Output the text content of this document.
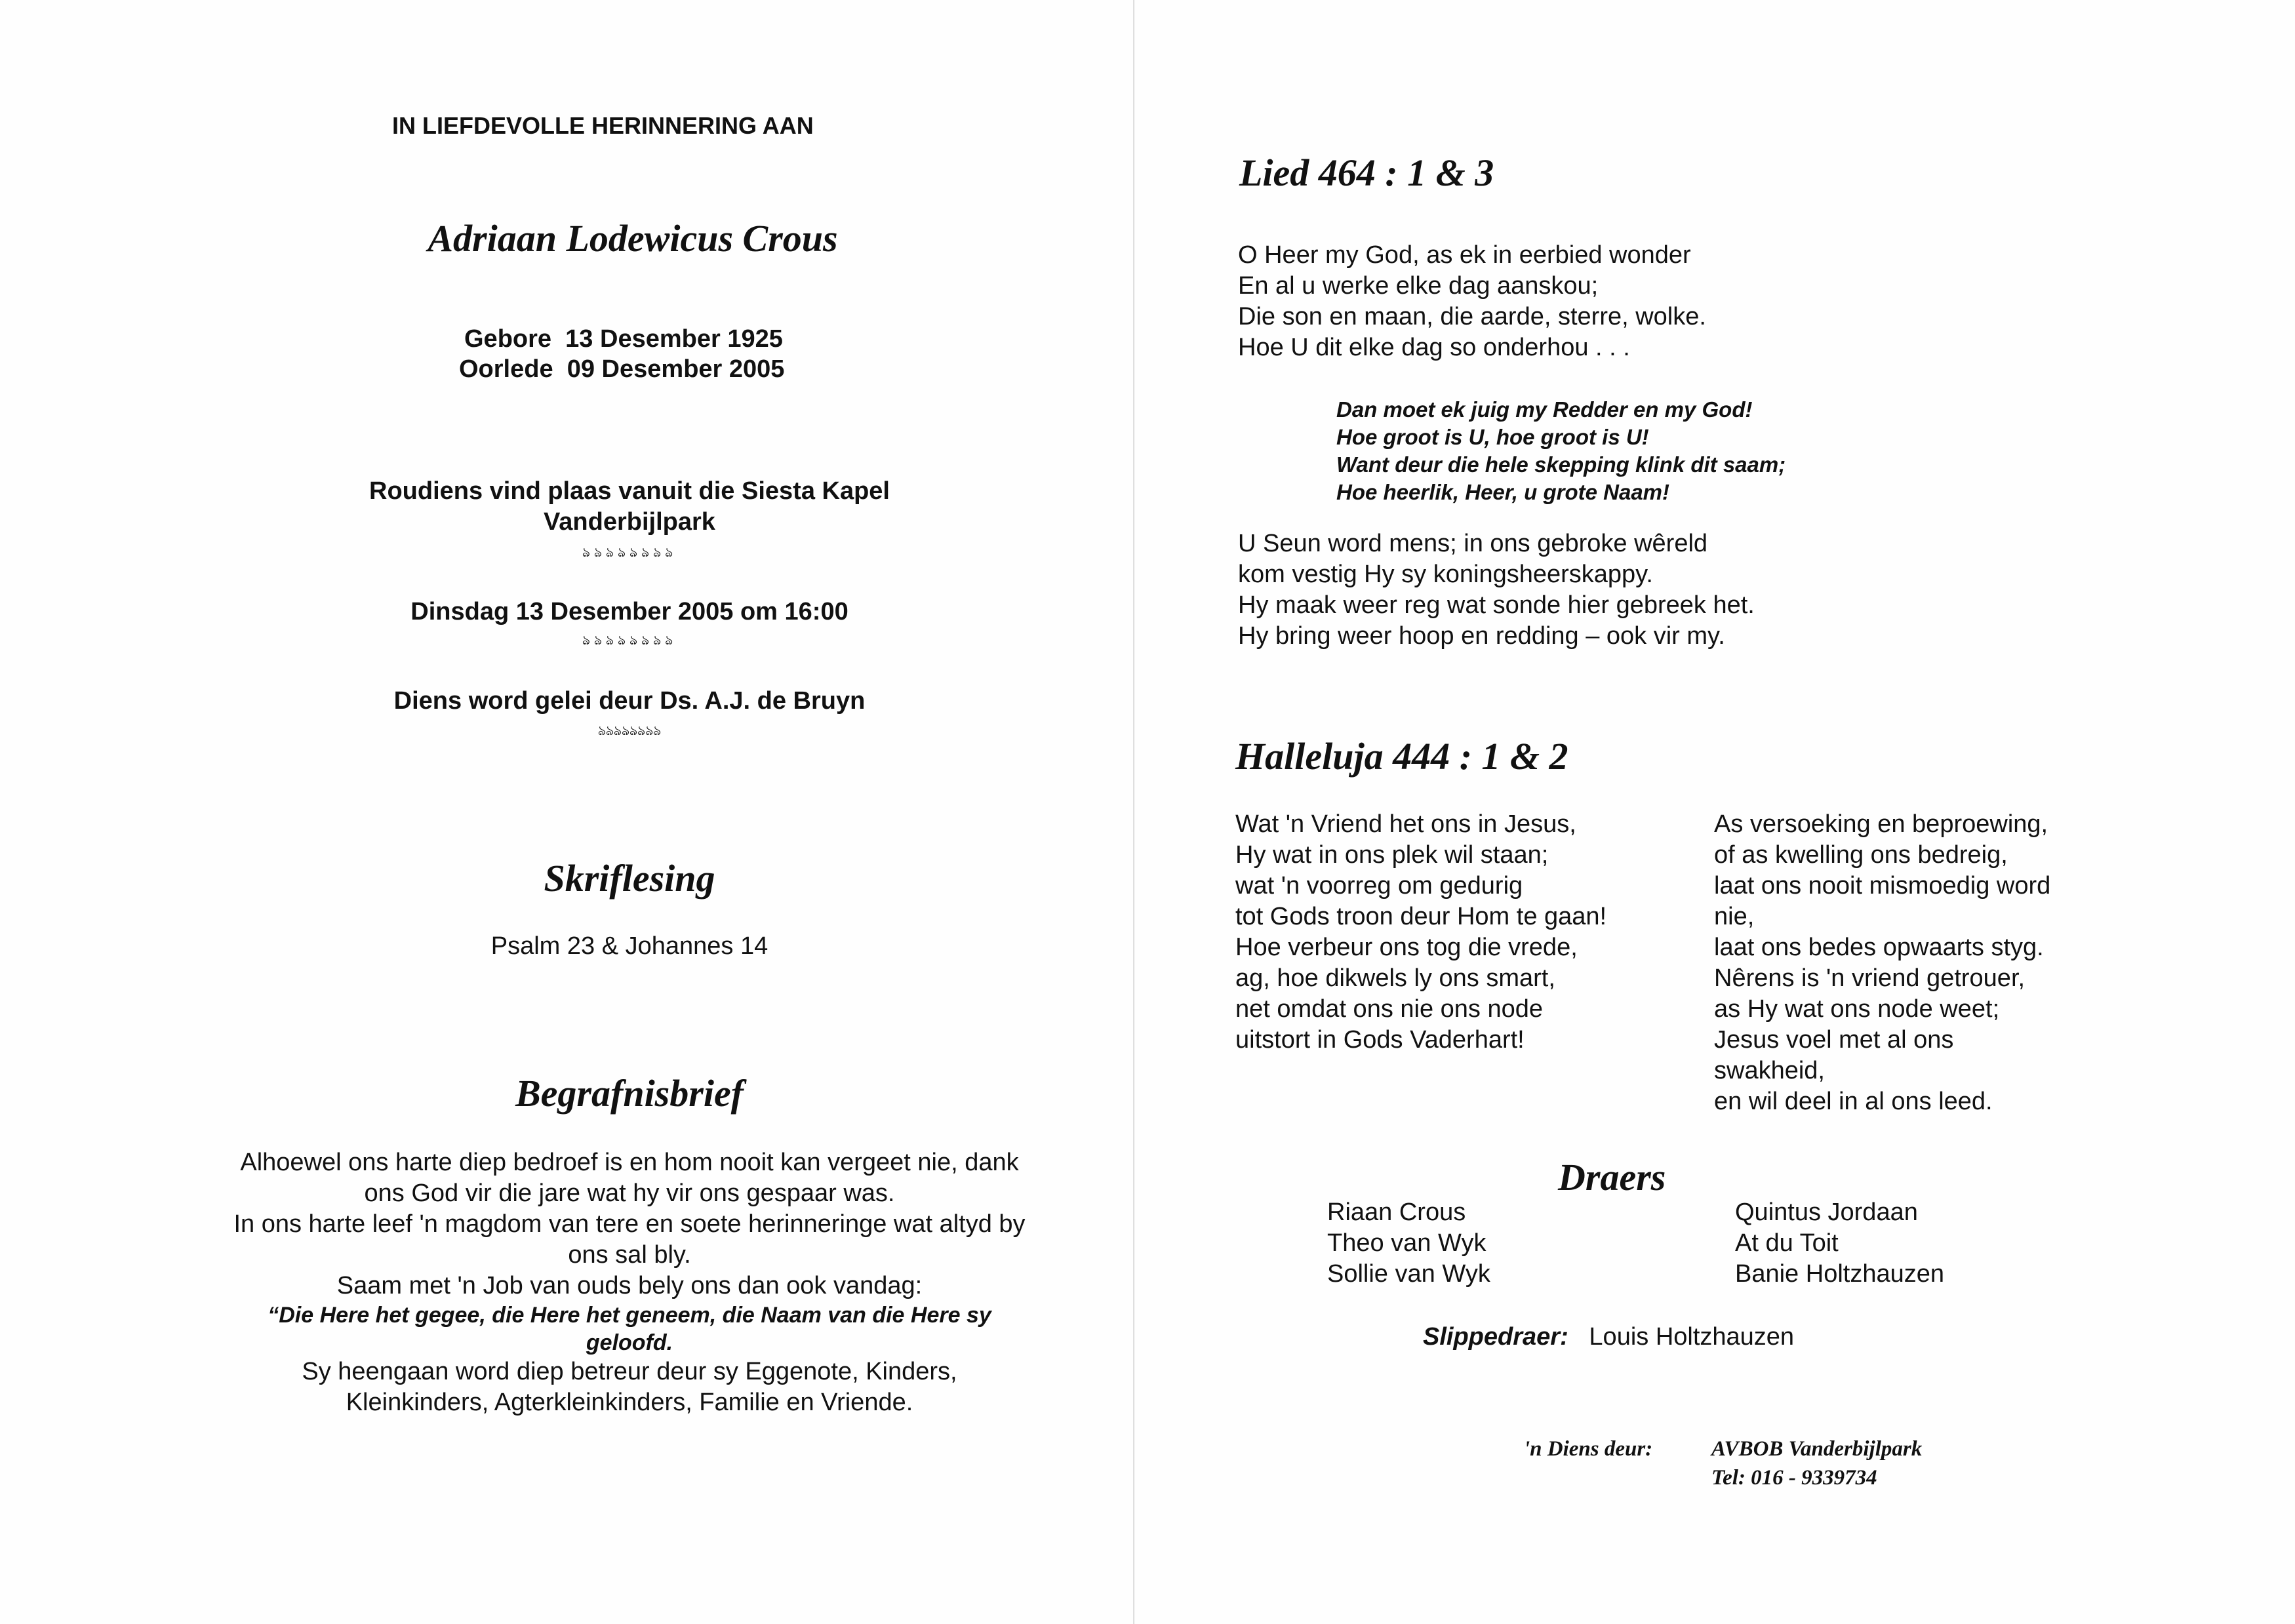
IN LIEFDEVOLLE HERINNERING AAN
Adriaan Lodewicus Crous
Gebore 13 Desember 1925
Oorlede 09 Desember 2005
Roudiens vind plaas vanuit die Siesta Kapel
Vanderbijlpark
ঌঌঌঌঌঌঌঌ
Dinsdag 13 Desember 2005 om 16:00
ঌঌঌঌঌঌঌঌ
Diens word gelei deur Ds. A.J. de Bruyn
ঌঌঌঌঌঌঌঌ
Skriflesing
Psalm 23 & Johannes 14
Begrafnisbrief
Alhoewel ons harte diep bedroef is en hom nooit kan vergeet nie, dank
ons God vir die jare wat hy vir ons gespaar was.
In ons harte leef 'n magdom van tere en soete herinneringe wat altyd by
ons sal bly.
Saam met 'n Job van ouds bely ons dan ook vandag:
“Die Here het gegee, die Here het geneem, die Naam van die Here sy
geloofd.
Sy heengaan word diep betreur deur sy Eggenote, Kinders,
Kleinkinders, Agterkleinkinders, Familie en Vriende.
Lied 464 : 1 & 3
O Heer my God, as ek in eerbied wonder
En al u werke elke dag aanskou;
Die son en maan, die aarde, sterre, wolke.
Hoe U dit elke dag so onderhou . . .
Dan moet ek juig my Redder en my God!
Hoe groot is U, hoe groot is U!
Want deur die hele skepping klink dit saam;
Hoe heerlik, Heer, u grote Naam!
U Seun word mens; in ons gebroke wêreld
kom vestig Hy sy koningsheerskappy.
Hy maak weer reg wat sonde hier gebreek het.
Hy bring weer hoop en redding – ook vir my.
Halleluja 444 : 1 & 2
Wat 'n Vriend het ons in Jesus,
Hy wat in ons plek wil staan;
wat 'n voorreg om gedurig
tot Gods troon deur Hom te gaan!
Hoe verbeur ons tog die vrede,
ag, hoe dikwels ly ons smart,
net omdat ons nie ons node
uitstort in Gods Vaderhart!
As versoeking en beproewing,
of as kwelling ons bedreig,
laat ons nooit mismoedig word
nie,
laat ons bedes opwaarts styg.
Nêrens is 'n vriend getrouer,
as Hy wat ons node weet;
Jesus voel met al ons
swakheid,
en wil deel in al ons leed.
Draers
Riaan Crous
Theo van Wyk
Sollie van Wyk
Quintus Jordaan
At du Toit
Banie Holtzhauzen
Slippedraer: Louis Holtzhauzen
'n Diens deur:	AVBOB Vanderbijlpark
Tel: 016 - 9339734
